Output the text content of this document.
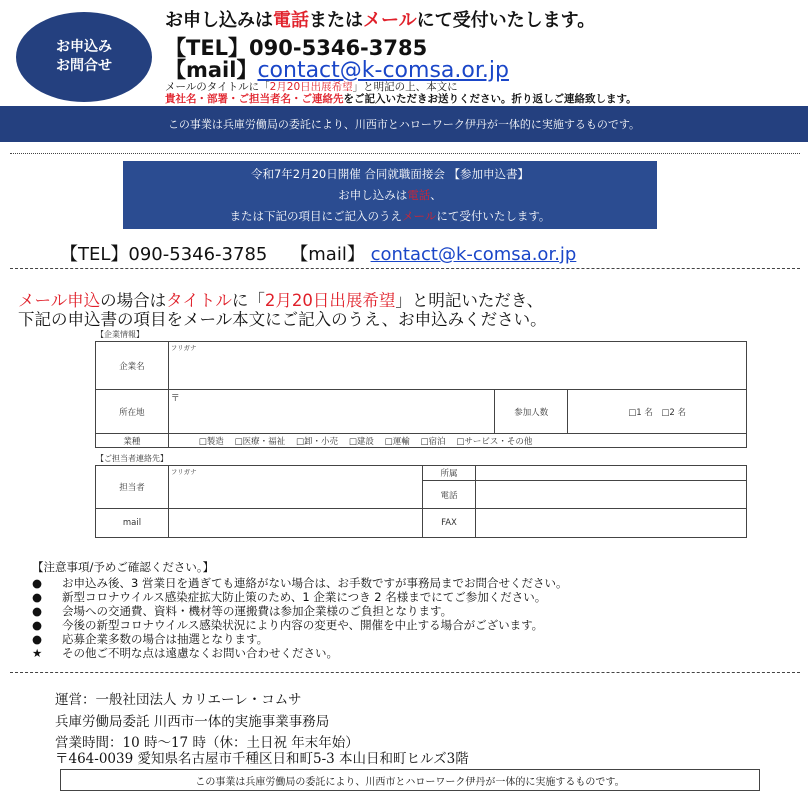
お申込み
お問合せ
お申し込みは電話またはメールにて受付いたします。
【TEL】090-5346-3785
【mail】contact@k-comsa.or.jp
メールのタイトルに「2月20日出展希望」と明記の上、本文に
貴社名・部署・ご担当者名・ご連絡先をご記入いただきお送りください。折り返しご連絡致します。
この事業は兵庫労働局の委託により、川西市とハローワーク伊丹が一体的に実施するものです。
令和7年2月20日開催 合同就職面接会 【参加申込書】
お申し込みは電話、
または下記の項目にご記入のうえメールにて受付いたします。
【TEL】090-5346-3785 【mail】 contact@k-comsa.or.jp
メール申込の場合はタイトルに「2月20日出展希望」と明記いただき、
下記の申込書の項目をメール本文にご記入のうえ、お申込みください。
【企業情報】
企業名	フリガナ		
所在地	〒	参加人数	□1 名　□2 名
業種	□製造 □医療・福祉 □卸・小売 □建設 □運輸 □宿泊 □サービス・その他		
【ご担当者連絡先】
担当者	フリガナ	所属	
		電話	

mail		FAX	
【注意事項/予めご確認ください。】
● お申込み後、3 営業日を過ぎても連絡がない場合は、お手数ですが事務局までお問合せください。
● 新型コロナウイルス感染症拡大防止策のため、1 企業につき 2 名様までにてご参加ください。
● 会場への交通費、資料・機材等の運搬費は参加企業様のご負担となります。
● 今後の新型コロナウイルス感染状況により内容の変更や、開催を中止する場合がございます。
● 応募企業多数の場合は抽選となります。
★ その他ご不明な点は遠慮なくお問い合わせください。
運営：一般社団法人 カリエーレ・コムサ
兵庫労働局委託 川西市一体的実施事業事務局
営業時間：10 時～17 時（休：土日祝 年末年始）
〒464-0039 愛知県名古屋市千種区日和町5-3 本山日和町ヒルズ3階
この事業は兵庫労働局の委託により、川西市とハローワーク伊丹が一体的に実施するものです。
